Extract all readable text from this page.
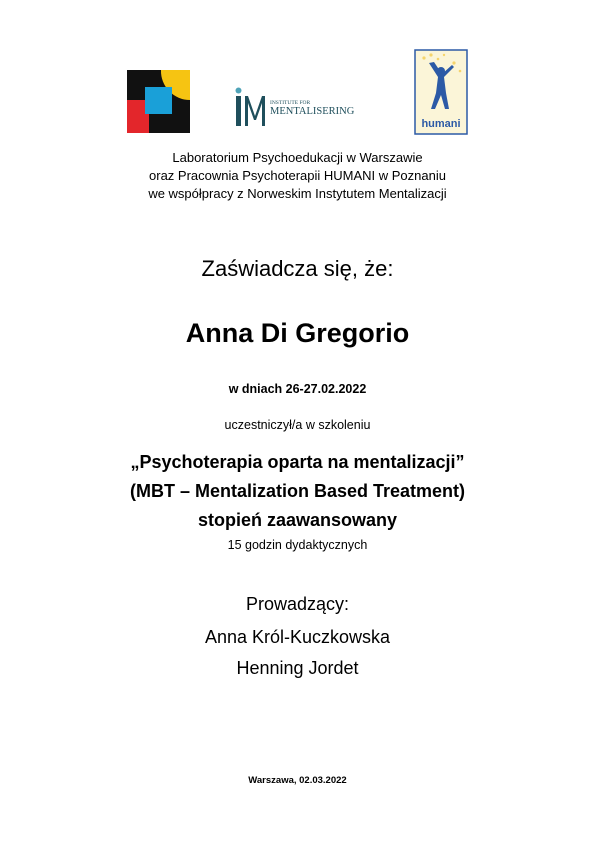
INSTITUTE FOR
MENTALISERING
humani
Laboratorium Psychoedukacji w Warszawie
oraz Pracownia Psychoterapii HUMANI w Poznaniu
we współpracy z Norweskim Instytutem Mentalizacji
Zaświadcza się, że:
Anna Di Gregorio
w dniach 26-27.02.2022
uczestniczył/a w szkoleniu
„Psychoterapia oparta na mentalizacji”
(MBT – Mentalization Based Treatment)
stopień zaawansowany
15 godzin dydaktycznych
Prowadzący:
Anna Król-Kuczkowska
Henning Jordet
Warszawa, 02.03.2022
